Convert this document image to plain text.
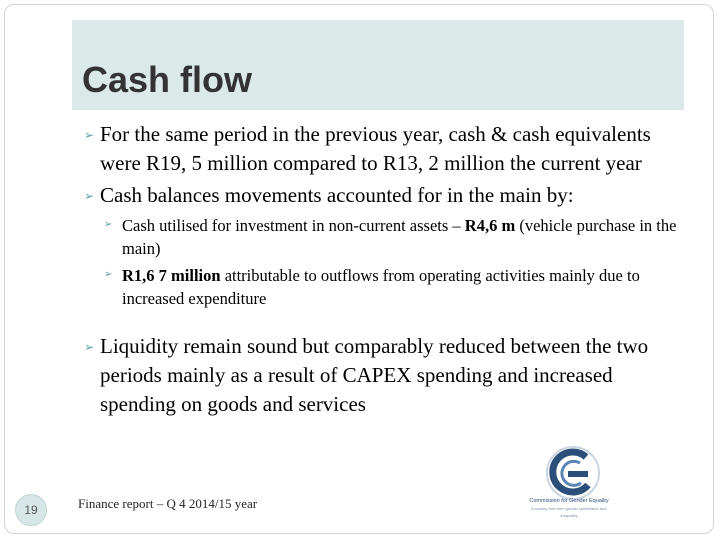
Cash flow
➢ For the same period in the previous year, cash & cash equivalents were R19, 5 million compared to R13, 2 million the current year
➢ Cash balances movements accounted for in the main by:
➢ Cash utilised for investment in non-current assets – R4,6 m (vehicle purchase in the main)
➢ R1,6 7 million attributable to outflows from operating activities mainly due to increased expenditure
➢ Liquidity remain sound but comparably reduced between the two periods mainly as a result of CAPEX spending and increased spending on goods and services
Commission for Gender Equality
A society free from gender oppression and inequality
19	Finance report – Q 4 2014/15 year
